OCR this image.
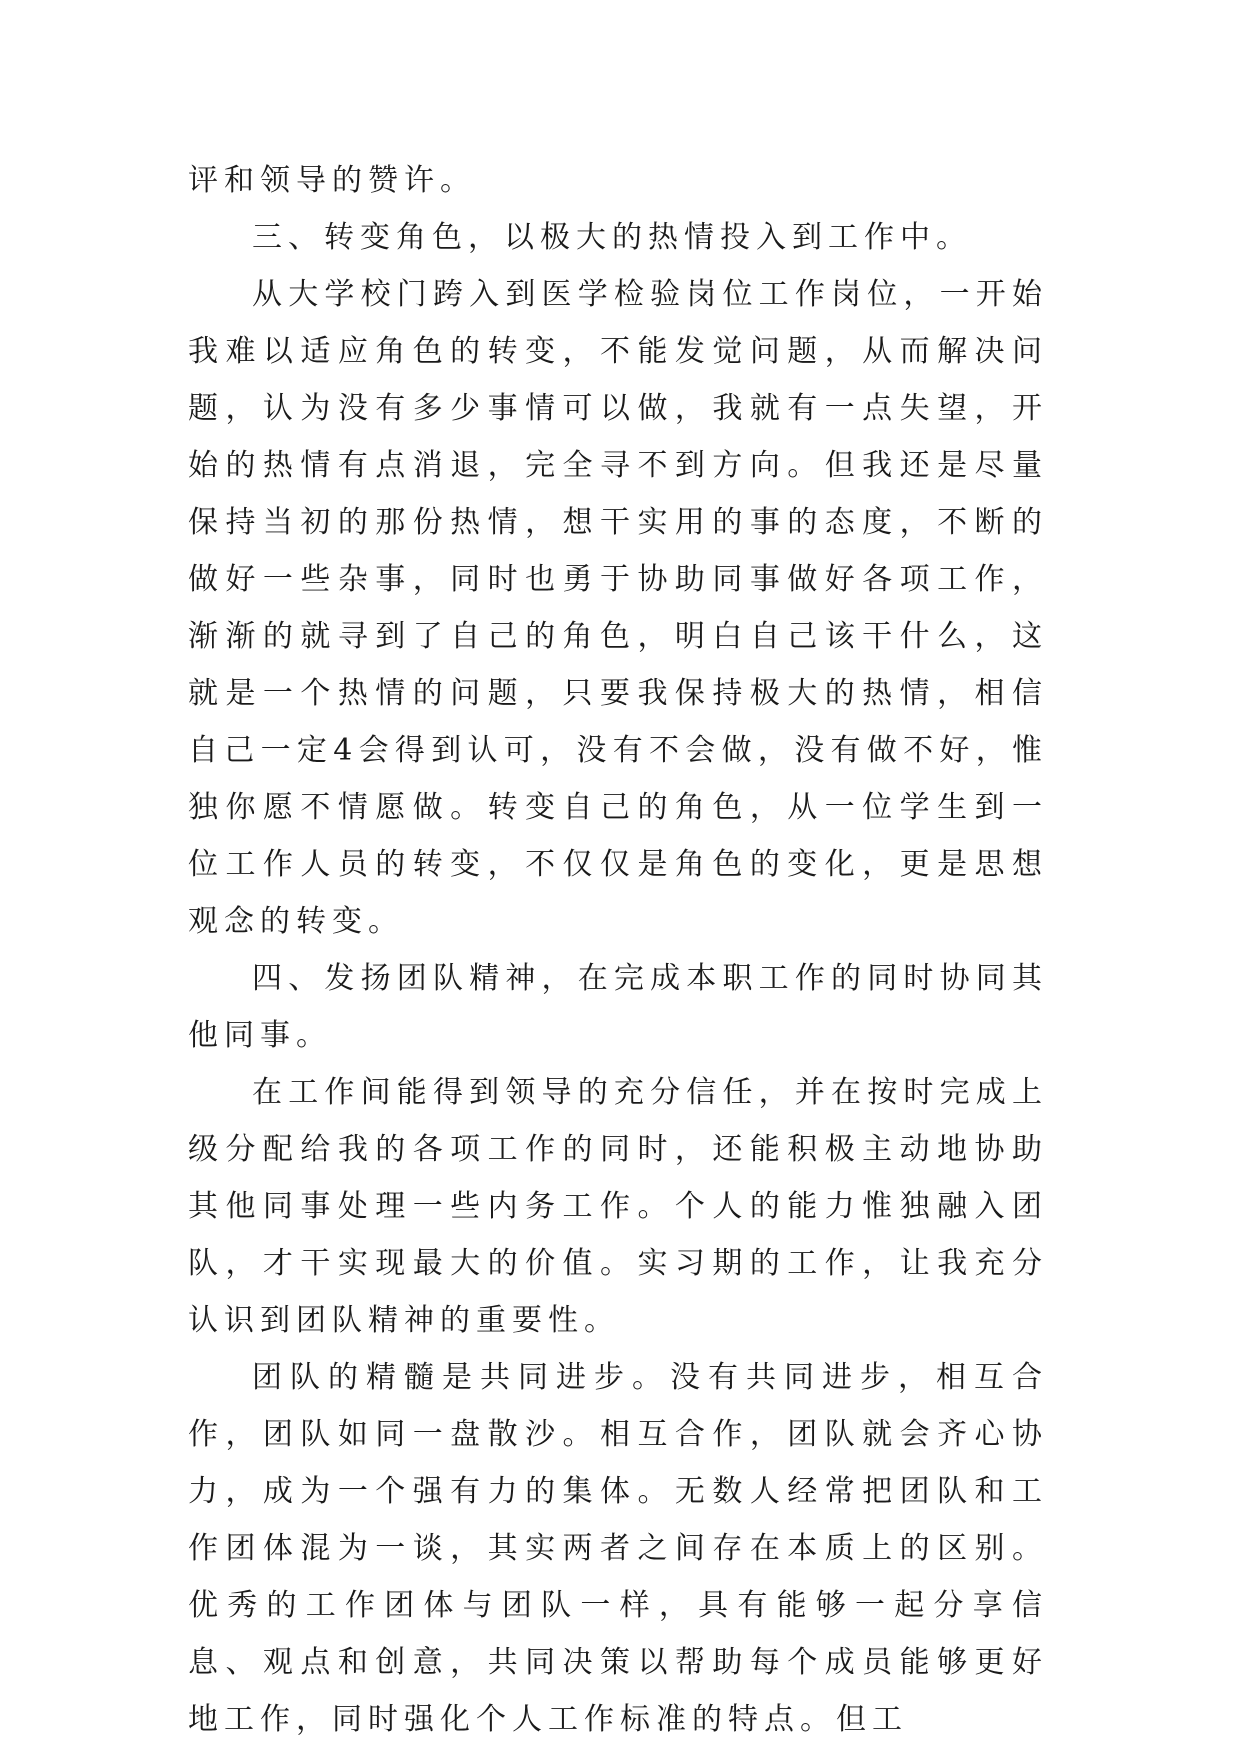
评和领导的赞许。

三、转变角色，以极大的热情投入到工作中。

从大学校门跨入到医学检验岗位工作岗位，一开始我难以适应角色的转变，不能发觉问题，从而解决问题，认为没有多少事情可以做，我就有一点失望，开始的热情有点消退，完全寻不到方向。但我还是尽量保持当初的那份热情，想干实用的事的态度，不断的做好一些杂事，同时也勇于协助同事做好各项工作，渐渐的就寻到了自己的角色，明白自己该干什么，这就是一个热情的问题，只要我保持极大的热情，相信自己一定4会得到认可，没有不会做，没有做不好，惟独你愿不情愿做。转变自己的角色，从一位学生到一位工作人员的转变，不仅仅是角色的变化，更是思想观念的转变。

四、发扬团队精神，在完成本职工作的同时协同其他同事。

在工作间能得到领导的充分信任，并在按时完成上级分配给我的各项工作的同时，还能积极主动地协助其他同事处理一些内务工作。个人的能力惟独融入团队，才干实现最大的价值。实习期的工作，让我充分认识到团队精神的重要性。

团队的精髓是共同进步。没有共同进步，相互合作，团队如同一盘散沙。相互合作，团队就会齐心协力，成为一个强有力的集体。无数人经常把团队和工作团体混为一谈，其实两者之间存在本质上的区别。优秀的工作团体与团队一样，具有能够一起分享信息、观点和创意，共同决策以帮助每个成员能够更好地工作，同时强化个人工作标准的特点。但工
